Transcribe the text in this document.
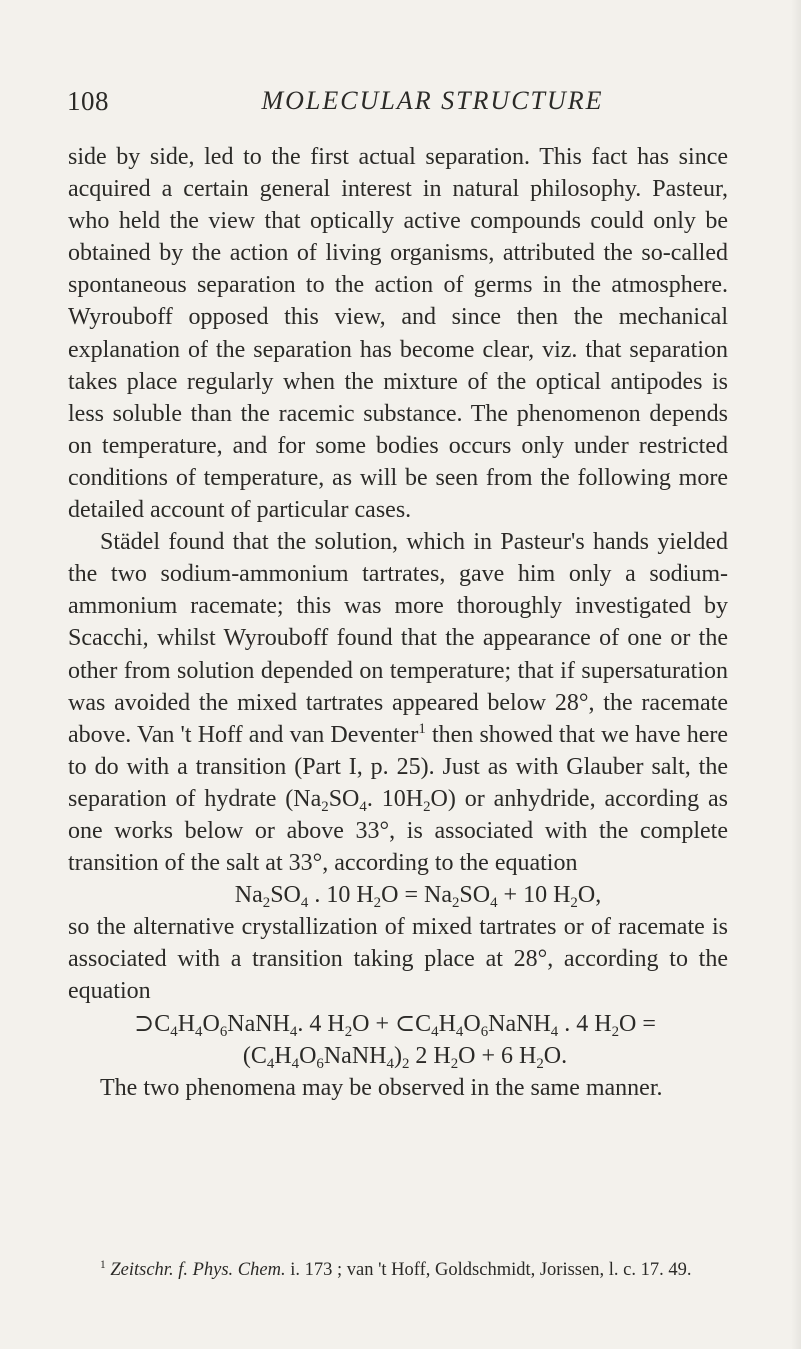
108	MOLECULAR STRUCTURE

side by side, led to the first actual separation. This fact has since acquired a certain general interest in natural philosophy. Pasteur, who held the view that optically active compounds could only be obtained by the action of living organisms, attributed the so-called spontaneous separation to the action of germs in the atmosphere. Wyrouboff opposed this view, and since then the mechanical explanation of the separation has become clear, viz. that separation takes place regularly when the mixture of the optical antipodes is less soluble than the racemic substance. The phenomenon depends on temperature, and for some bodies occurs only under restricted conditions of temperature, as will be seen from the following more detailed account of particular cases.

Städel found that the solution, which in Pasteur's hands yielded the two sodium-ammonium tartrates, gave him only a sodium-ammonium racemate; this was more thoroughly investigated by Scacchi, whilst Wyrouboff found that the appearance of one or the other from solution depended on temperature; that if supersaturation was avoided the mixed tartrates appeared below 28°, the racemate above. Van 't Hoff and van Deventer$^1$ then showed that we have here to do with a transition (Part I, p. 25). Just as with Glauber salt, the separation of hydrate ($Na_2SO_4$. $10H_2O$) or anhydride, according as one works below or above 33°, is associated with the complete transition of the salt at 33°, according to the equation

$Na_2SO_4$ . 10 $H_2O = Na_2SO_4 + 10$ $H_2O$,

so the alternative crystallization of mixed tartrates or of racemate is associated with a transition taking place at 28°, according to the equation

$⊃C_4H_4O_6NaNH_4$. 4 $H_2O$ + $\subset C_4H_4O_6NaNH_4$ . 4 $H_2O$ =

$(C_4H_4O_6NaNH_4)_2$ 2 $H_2O + 6$ $H_2O$.

The two phenomena may be observed in the same manner.

$^1$ Zeitschr. f. Phys. Chem. i. 173 ; van 't Hoff, Goldschmidt, Jorissen, l. c. 17. 49.
